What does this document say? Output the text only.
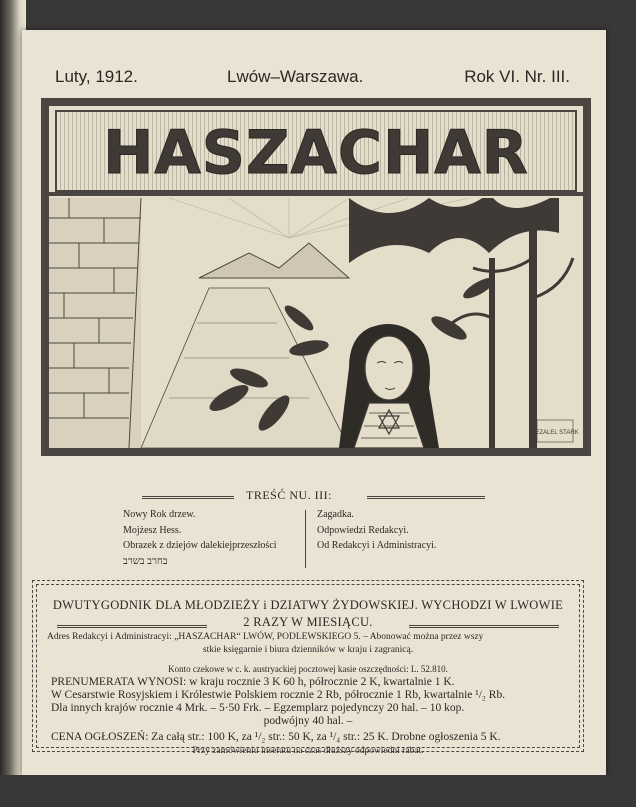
Luty, 1912.	Lwów–Warszawa.	Rok VI. Nr. III.
HASZACHAR
BEZALEL STARK
TREŚĆ NU. III:
Nowy Rok drzew.
Mojżesz Hess.
Obrazek z dziejów dalekiejprzeszłości
בחרב בשרב
Zagadka.
Odpowiedzi Redakcyi.
Od Redakcyi i Administracyi.
DWUTYGODNIK DLA MŁODZIEŻY i DZIATWY ŻYDOWSKIEJ. WYCHODZI W LWOWIE
2 RAZY W MIESIĄCU.
Adres Redakcyi i Administracyi: „HASZACHAR“ LWÓW, PODLEWSKIEGO 5. – Abonować można przez wszy
stkie księgarnie i biura dzienników w kraju i zagranicą.
Konto czekowe w c. k. austryackiej pocztowej kasie oszczędności: L. 52.810.
PRENUMERATA WYNOSI: w kraju rocznie 3 K 60 h, półrocznie 2 K, kwartalnie 1 K.
W Cesarstwie Rosyjskiem i Królestwie Polskiem rocznie 2 Rb, półrocznie 1 Rb, kwartalnie ¹/₂ Rb.
Dla innych krajów rocznie 4 Mrk. – 5·50 Frk. – Egzemplarz pojedynczy 20 hal. – 10 kop.
podwójny 40 hal. –
CENA OGŁOSZEŃ: Za całą str.: 100 K, za ¹/₂ str.: 50 K, za ¹/₄ str.: 25 K. Drobne ogłoszenia 5 K.
Przy zamówieniu inseratu na czas dłuższy odpowiedni rabat.
